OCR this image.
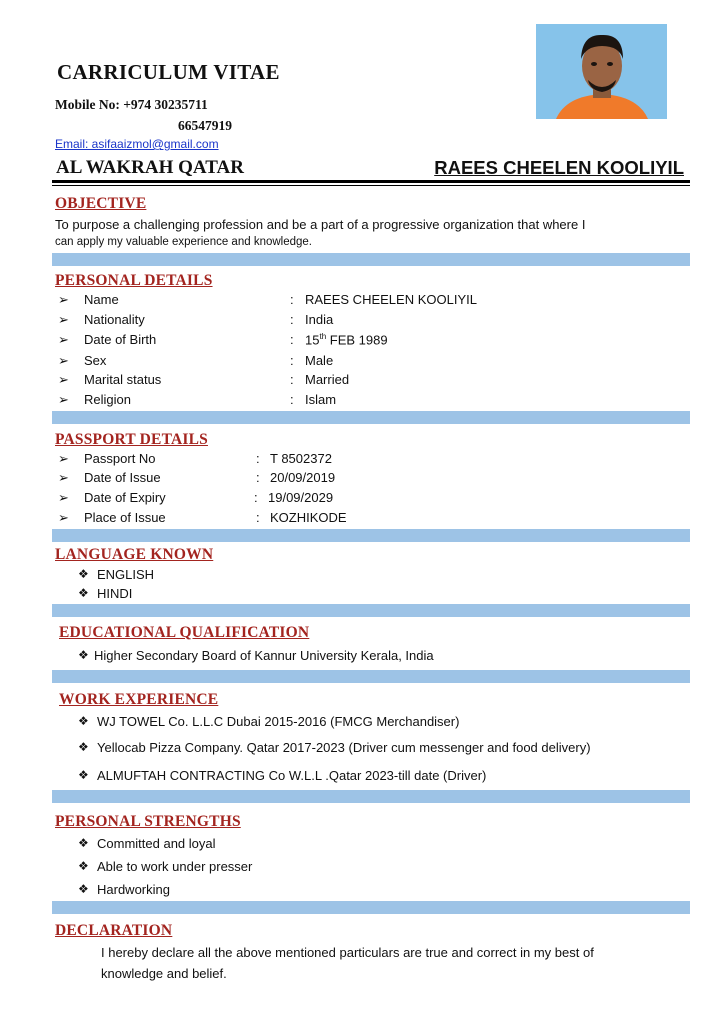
CARRICULUM VITAE
Mobile No: +974 30235711
66547919
Email: asifaaizmol@gmail.com
AL WAKRAH QATAR	RAEES CHEELEN KOOLIYIL
OBJECTIVE
To purpose a challenging profession and be a part of a progressive organization that where I
can apply my valuable experience and knowledge.
PERSONAL DETAILS
➢ Name	: RAEES CHEELEN KOOLIYIL
➢ Nationality	: India
➢ Date of Birth	: 15th FEB 1989
➢ Sex	: Male
➢ Marital status	: Married
➢ Religion	: Islam
PASSPORT DETAILS
➢ Passport No	: T 8502372
➢ Date of Issue	: 20/09/2019
➢ Date of Expiry	: 19/09/2029
➢ Place of Issue	: KOZHIKODE
LANGUAGE KNOWN
❖ ENGLISH
❖ HINDI
EDUCATIONAL QUALIFICATION
❖ Higher Secondary Board of Kannur University Kerala, India
WORK EXPERIENCE
❖ WJ TOWEL Co. L.L.C Dubai 2015-2016 (FMCG Merchandiser)
❖ Yellocab Pizza Company. Qatar 2017-2023 (Driver cum messenger and food delivery)
❖ ALMUFTAH CONTRACTING Co W.L.L .Qatar 2023-till date (Driver)
PERSONAL STRENGTHS
❖ Committed and loyal
❖ Able to work under presser
❖ Hardworking
DECLARATION
I hereby declare all the above mentioned particulars are true and correct in my best of
knowledge and belief.
